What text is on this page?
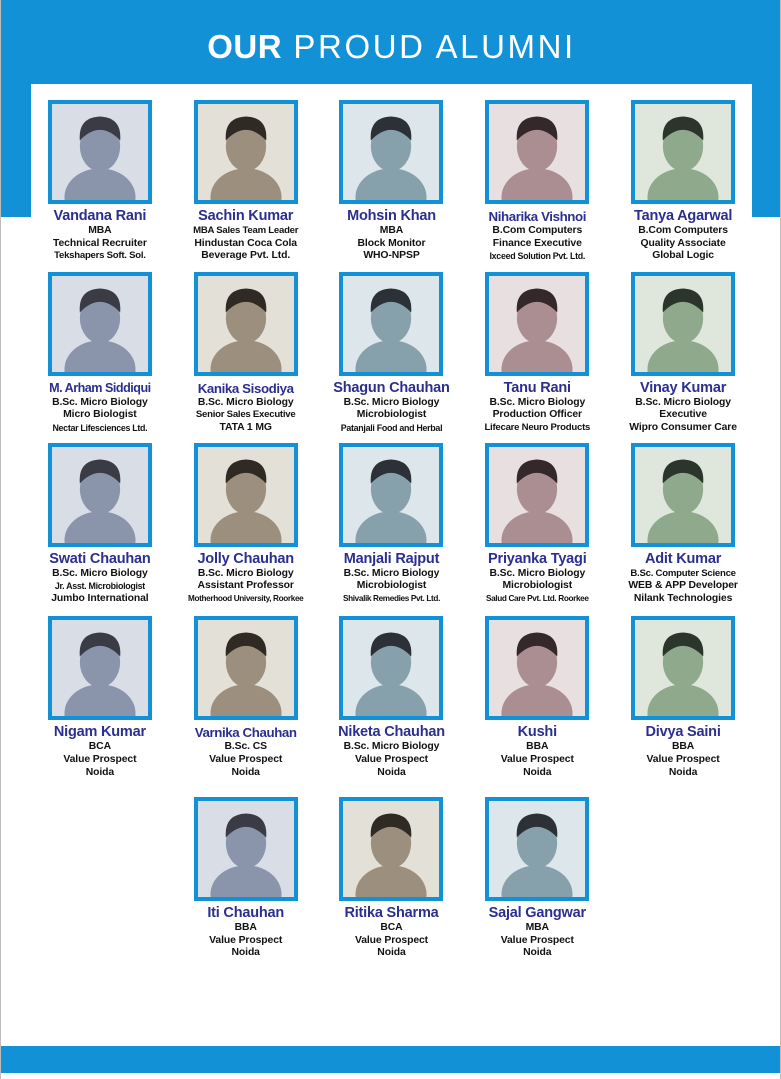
OUR PROUD ALUMNI
Vandana Rani
MBA
Technical Recruiter
Tekshapers Soft. Sol.
Sachin Kumar
MBA Sales Team Leader
Hindustan Coca Cola
Beverage Pvt. Ltd.
Mohsin Khan
MBA
Block Monitor
WHO-NPSP
Niharika Vishnoi
B.Com Computers
Finance Executive
Ixceed Solution Pvt. Ltd.
Tanya Agarwal
B.Com Computers
Quality Associate
Global Logic
M. Arham Siddiqui
B.Sc. Micro Biology
Micro Biologist
Nectar Lifesciences Ltd.
Kanika Sisodiya
B.Sc. Micro Biology
Senior Sales Executive
TATA 1 MG
Shagun Chauhan
B.Sc. Micro Biology
Microbiologist
Patanjali Food and Herbal
Tanu Rani
B.Sc. Micro Biology
Production Officer
Lifecare Neuro Products
Vinay Kumar
B.Sc. Micro Biology
Executive
Wipro Consumer Care
Swati Chauhan
B.Sc. Micro Biology
Jr. Asst. Microbiologist
Jumbo International
Jolly Chauhan
B.Sc. Micro Biology
Assistant Professor
Motherhood University, Roorkee
Manjali Rajput
B.Sc. Micro Biology
Microbiologist
Shivalik Remedies Pvt. Ltd.
Priyanka Tyagi
B.Sc. Micro Biology
Microbiologist
Salud Care Pvt. Ltd. Roorkee
Adit Kumar
B.Sc. Computer Science
WEB & APP Developer
Nilank Technologies
Nigam Kumar
BCA
Value Prospect
Noida
Varnika Chauhan
B.Sc. CS
Value Prospect
Noida
Niketa Chauhan
B.Sc. Micro Biology
Value Prospect
Noida
Kushi
BBA
Value Prospect
Noida
Divya Saini
BBA
Value Prospect
Noida
Iti Chauhan
BBA
Value Prospect
Noida
Ritika Sharma
BCA
Value Prospect
Noida
Sajal Gangwar
MBA
Value Prospect
Noida
